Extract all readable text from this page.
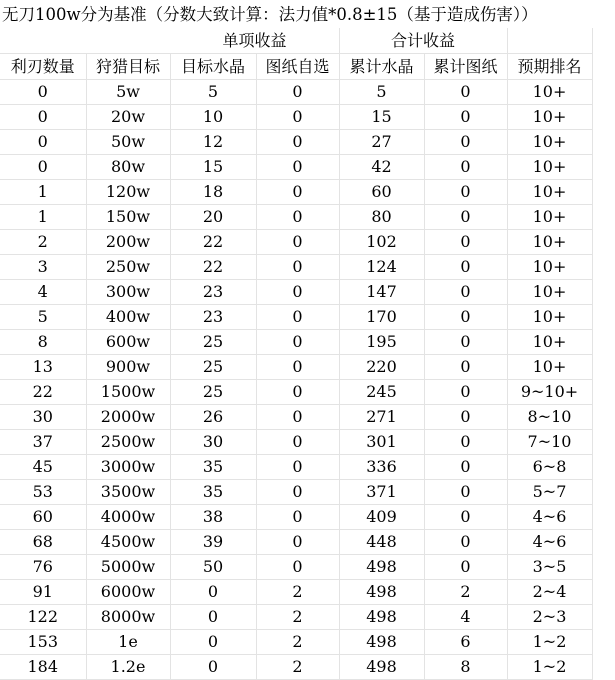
无刀100w分为基准（分数大致计算：法力值*0.8±15（基于造成伤害））
		单项收益		合计收益		
利刃数量	狩猎目标	目标水晶	图纸自选	累计水晶	累计图纸	预期排名
0	5w	5	0	5	0	10+
0	20w	10	0	15	0	10+
0	50w	12	0	27	0	10+
0	80w	15	0	42	0	10+
1	120w	18	0	60	0	10+
1	150w	20	0	80	0	10+
2	200w	22	0	102	0	10+
3	250w	22	0	124	0	10+
4	300w	23	0	147	0	10+
5	400w	23	0	170	0	10+
8	600w	25	0	195	0	10+
13	900w	25	0	220	0	10+
22	1500w	25	0	245	0	9~10+
30	2000w	26	0	271	0	8~10
37	2500w	30	0	301	0	7~10
45	3000w	35	0	336	0	6~8
53	3500w	35	0	371	0	5~7
60	4000w	38	0	409	0	4~6
68	4500w	39	0	448	0	4~6
76	5000w	50	0	498	0	3~5
91	6000w	0	2	498	2	2~4
122	8000w	0	2	498	4	2~3
153	1e	0	2	498	6	1~2
184	1.2e	0	2	498	8	1~2
